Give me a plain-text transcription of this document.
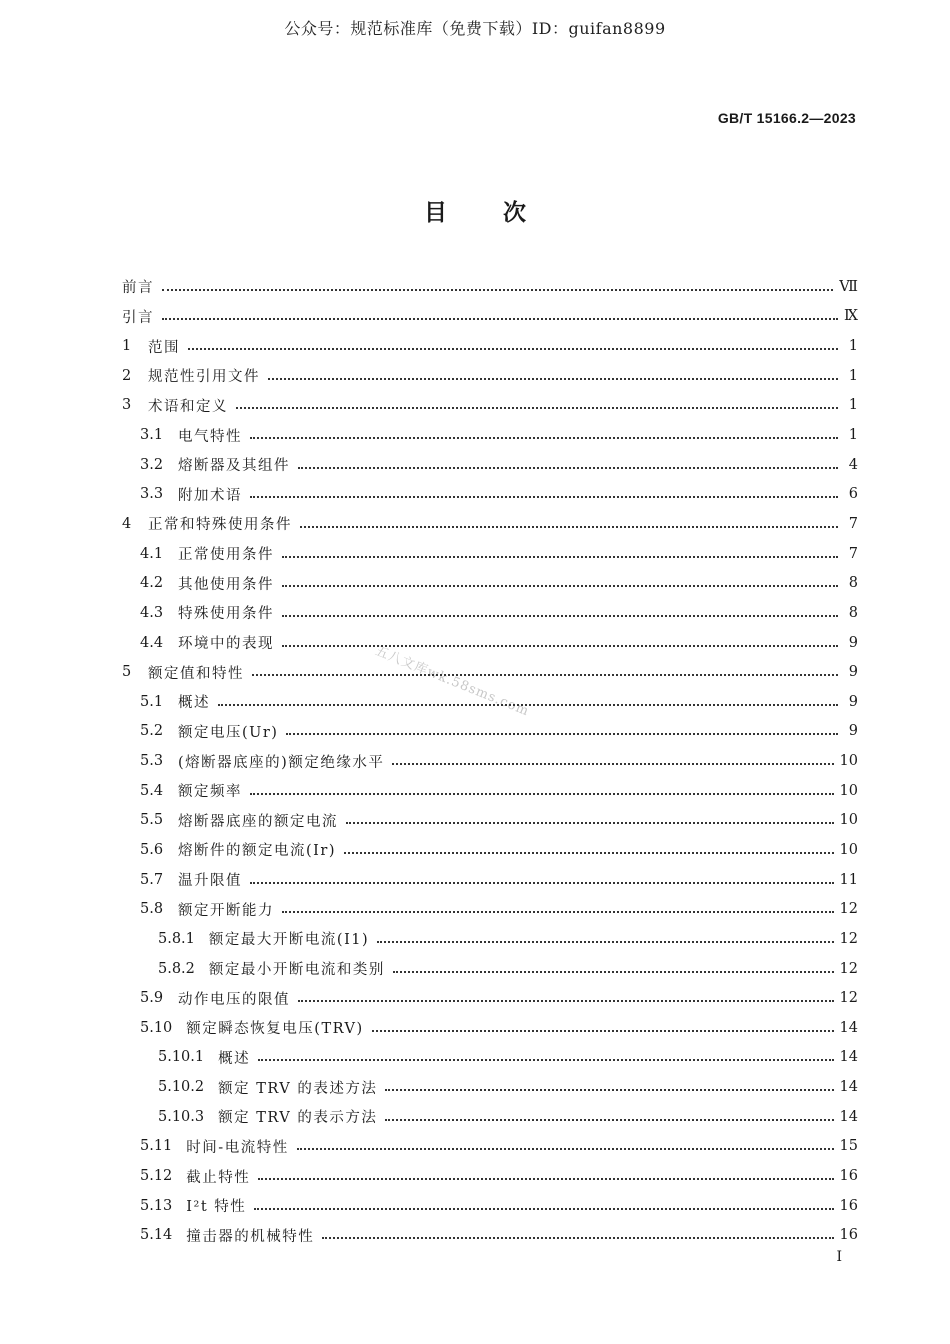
公众号：规范标准库（免费下载）ID：guifan8899
GB/T 15166.2—2023
目次
五八文库wk.58sms.com
前言	Ⅶ
引言	Ⅸ
1 范围	1
2 规范性引用文件	1
3 术语和定义	1
3.1 电气特性	1
3.2 熔断器及其组件	4
3.3 附加术语	6
4 正常和特殊使用条件	7
4.1 正常使用条件	7
4.2 其他使用条件	8
4.3 特殊使用条件	8
4.4 环境中的表现	9
5 额定值和特性	9
5.1 概述	9
5.2 额定电压(Ur)	9
5.3 (熔断器底座的)额定绝缘水平	10
5.4 额定频率	10
5.5 熔断器底座的额定电流	10
5.6 熔断件的额定电流(Ir)	10
5.7 温升限值	11
5.8 额定开断能力	12
5.8.1 额定最大开断电流(I1)	12
5.8.2 额定最小开断电流和类别	12
5.9 动作电压的限值	12
5.10 额定瞬态恢复电压(TRV)	14
5.10.1 概述	14
5.10.2 额定 TRV 的表述方法	14
5.10.3 额定 TRV 的表示方法	14
5.11 时间-电流特性	15
5.12 截止特性	16
5.13 I²t 特性	16
5.14 撞击器的机械特性	16
I
